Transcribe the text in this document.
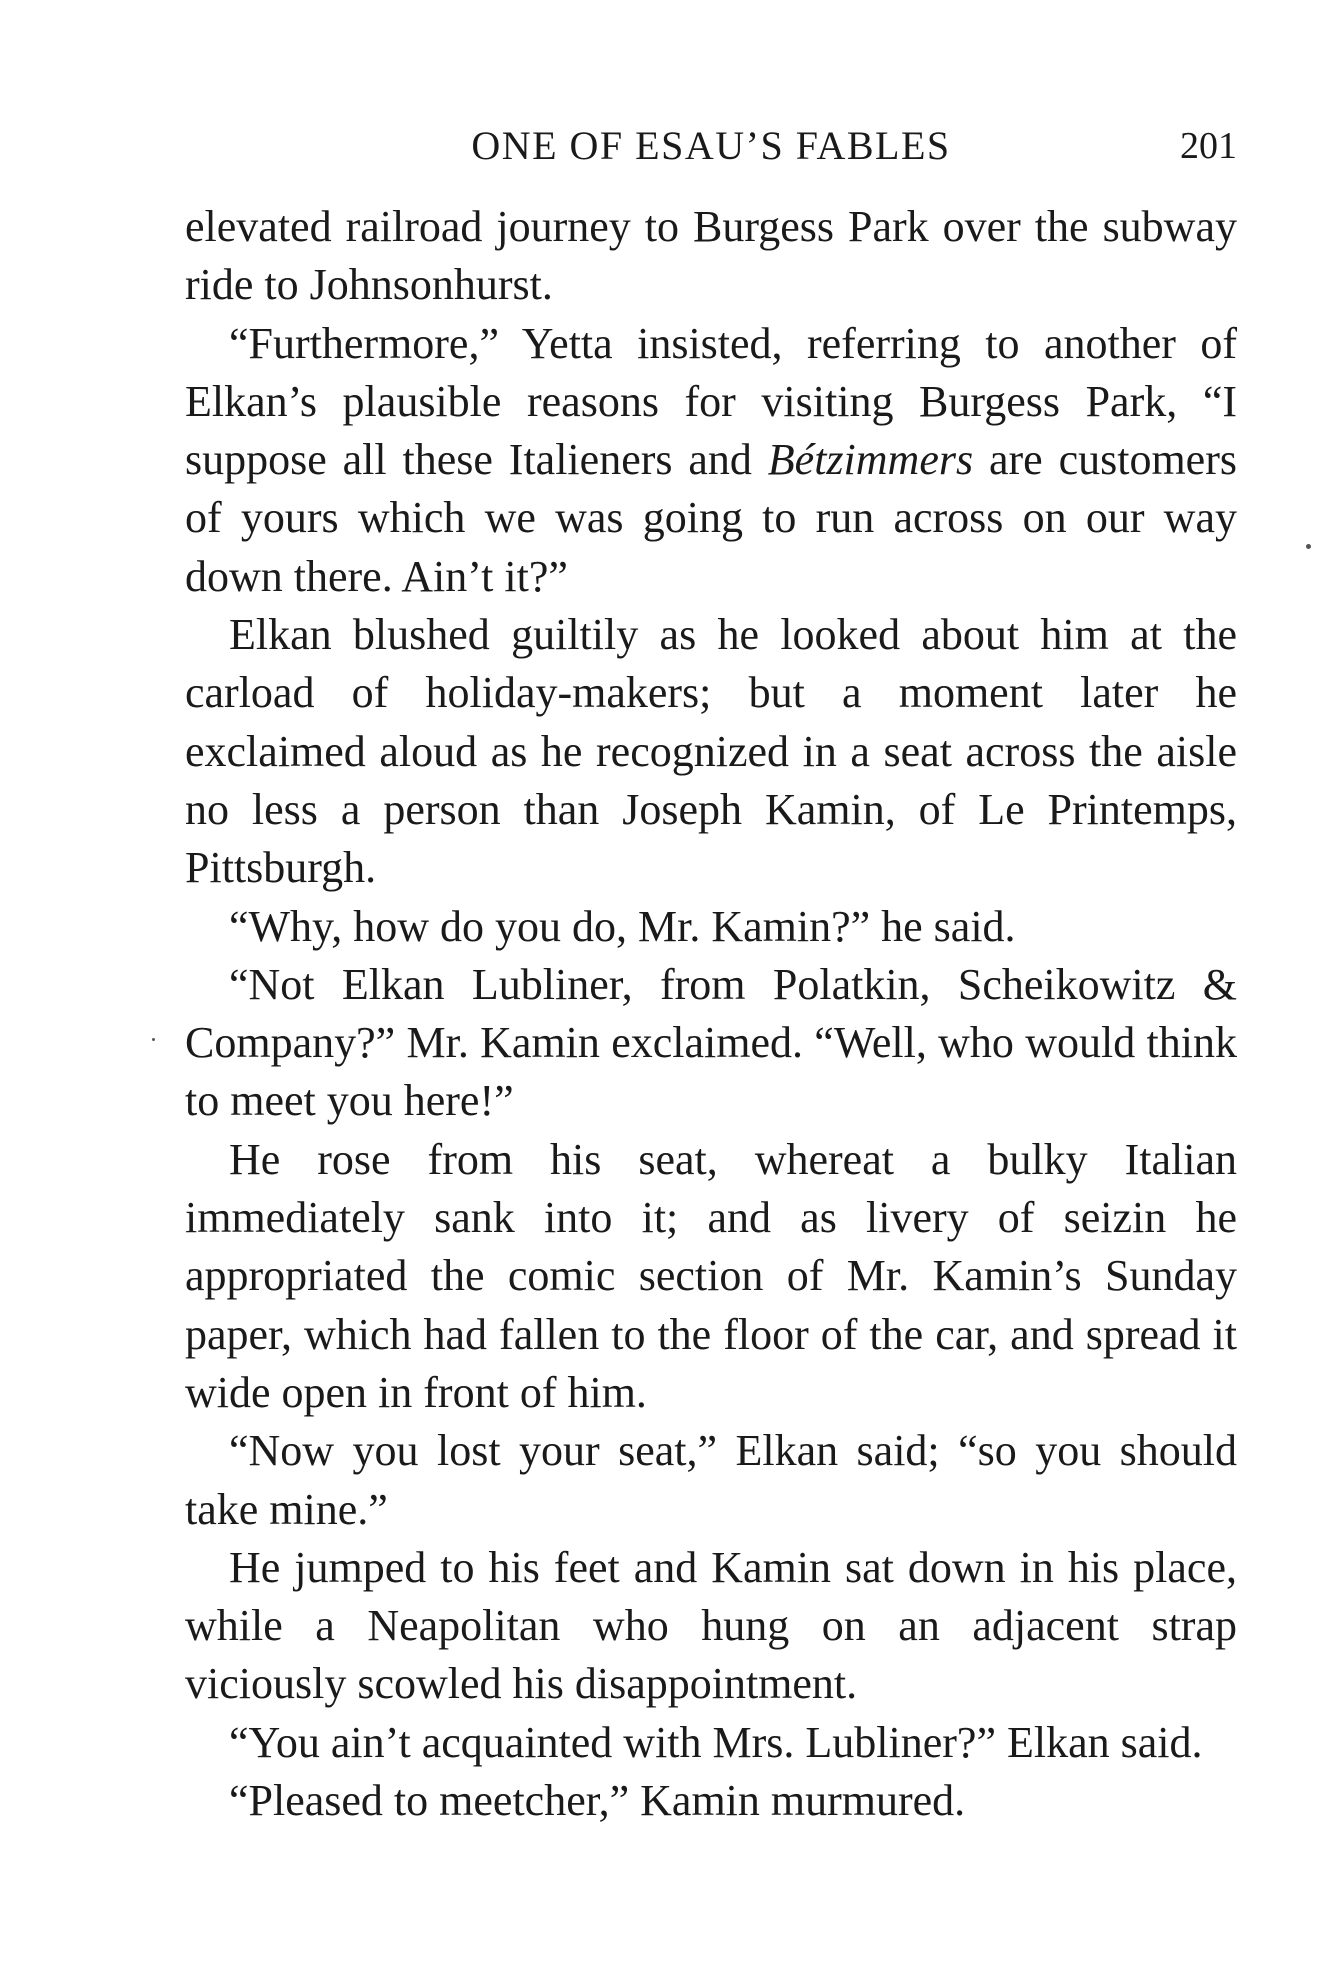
ONE OF ESAU’S FABLES	201

elevated railroad journey to Burgess Park over the subway ride to Johnsonhurst.

“Furthermore,” Yetta insisted, referring to another of Elkan’s plausible reasons for visiting Burgess Park, “I suppose all these Italieners and Bétzimmers are customers of yours which we was going to run across on our way down there. Ain’t it?”

Elkan blushed guiltily as he looked about him at the carload of holiday-makers; but a moment later he exclaimed aloud as he recognized in a seat across the aisle no less a person than Joseph Kamin, of Le Printemps, Pittsburgh.

“Why, how do you do, Mr. Kamin?” he said.

“Not Elkan Lubliner, from Polatkin, Scheikowitz & Company?” Mr. Kamin exclaimed. “Well, who would think to meet you here!”

He rose from his seat, whereat a bulky Italian immediately sank into it; and as livery of seizin he appropriated the comic section of Mr. Kamin’s Sunday paper, which had fallen to the floor of the car, and spread it wide open in front of him.

“Now you lost your seat,” Elkan said; “so you should take mine.”

He jumped to his feet and Kamin sat down in his place, while a Neapolitan who hung on an adjacent strap viciously scowled his disappointment.

“You ain’t acquainted with Mrs. Lubliner?” Elkan said.

“Pleased to meetcher,” Kamin murmured.
